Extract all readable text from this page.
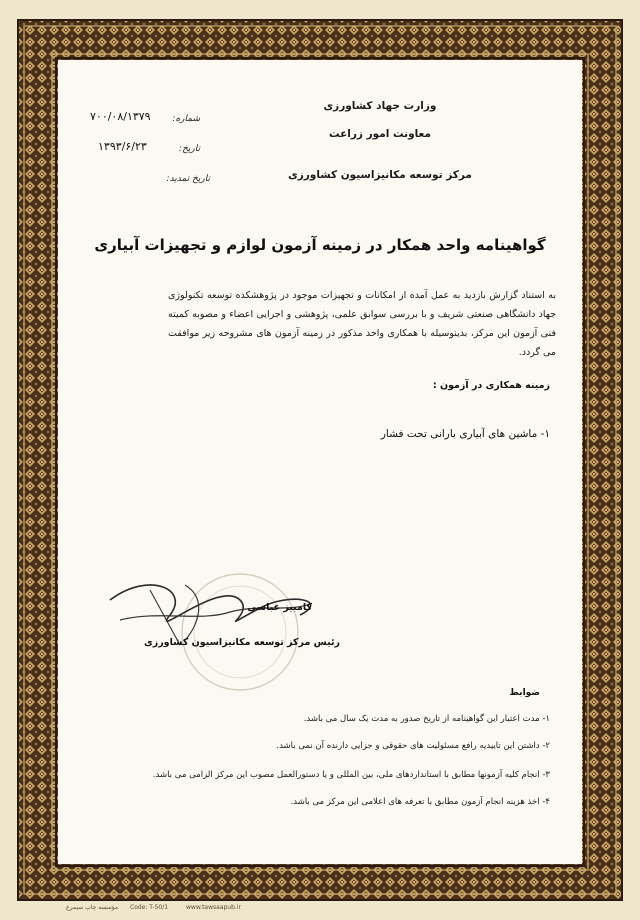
وزارت جهاد کشاورزی
معاونت امور زراعت
مرکز توسعه مکانیزاسیون کشاورزی
شماره:
۷۰۰/۰۸/۱۳۷۹
تاریخ:
۱۳۹۳/۶/۲۳
تاریخ تمدید:
گواهینامه واحد همکار در زمینه آزمون لوازم و تجهیزات آبیاری
به استناد گزارش بازدید به عمل آمده از امکانات و تجهیزات موجود در پژوهشکده توسعه تکنولوژی جهاد دانشگاهی صنعتی شریف و با بررسی سوابق علمی، پژوهشی و اجرایی اعضاء و مصوبه کمیته فنی آزمون این مرکز، بدینوسیله با همکاری واحد مذکور در زمینه آزمون های مشروحه زیر موافقت می گردد.
زمینه همکاری در آزمون :
۱- ماشین های آبیاری بارانی تحت فشار
کامبیز عباسی
رئیس مرکز توسعه مکانیزاسیون کشاورزی
ضوابط
۱- مدت اعتبار این گواهینامه از تاریخ صدور به مدت یک سال می باشد.
۲- داشتن این تاییدیه رافع مسئولیت های حقوقی و جزایی دارنده آن نمی باشد.
۳- انجام کلیه آزمونها مطابق با استانداردهای ملی، بین المللی و یا دستورالعمل مصوب این مرکز الزامی می باشد.
۴- اخذ هزینه انجام آزمون مطابق با تعرفه های اعلامی این مرکز می باشد.
مؤسسه چاپ سیمرغ	Code: T-50/1	www.tawsaapub.ir
